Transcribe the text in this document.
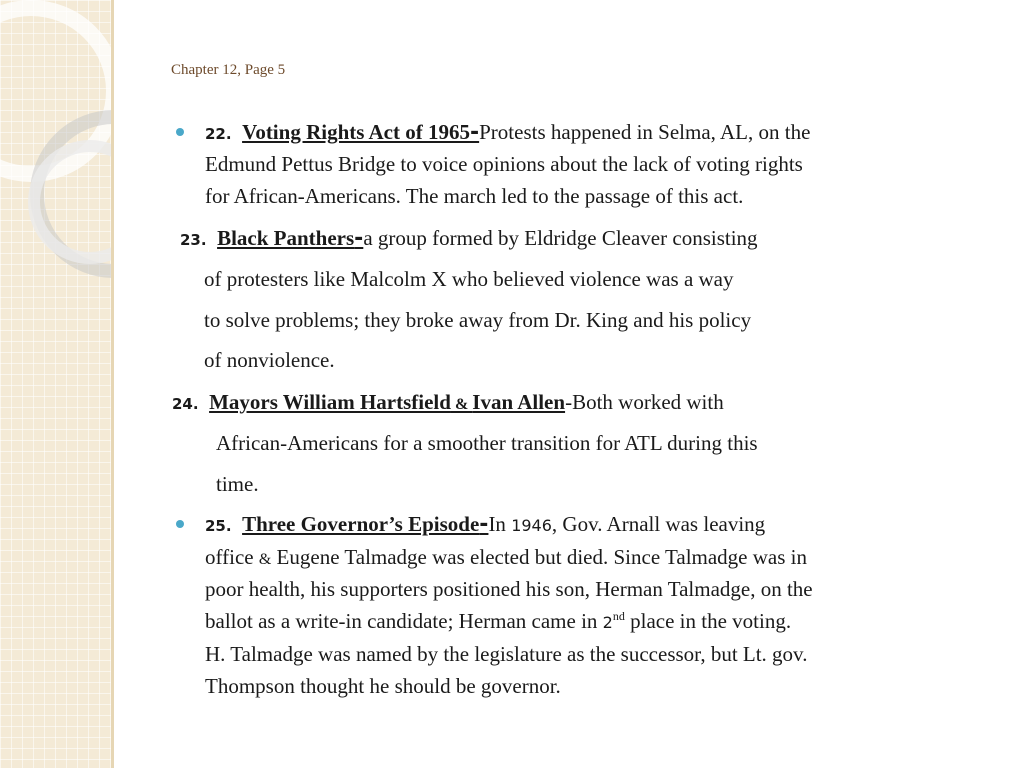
Chapter 12, Page 5
22. Voting Rights Act of 1965-Protests happened in Selma, AL, on the
Edmund Pettus Bridge to voice opinions about the lack of voting rights
for African-Americans. The march led to the passage of this act.
23. Black Panthers-a group formed by Eldridge Cleaver consisting
of protesters like Malcolm X who believed violence was a way
to solve problems; they broke away from Dr. King and his policy
of nonviolence.
24. Mayors William Hartsfield & Ivan Allen-Both worked with
African-Americans for a smoother transition for ATL during this
time.
25. Three Governor’s Episode-In 1946, Gov. Arnall was leaving
office & Eugene Talmadge was elected but died. Since Talmadge was in
poor health, his supporters positioned his son, Herman Talmadge, on the
ballot as a write-in candidate; Herman came in 2nd place in the voting.
H. Talmadge was named by the legislature as the successor, but Lt. gov.
Thompson thought he should be governor.
